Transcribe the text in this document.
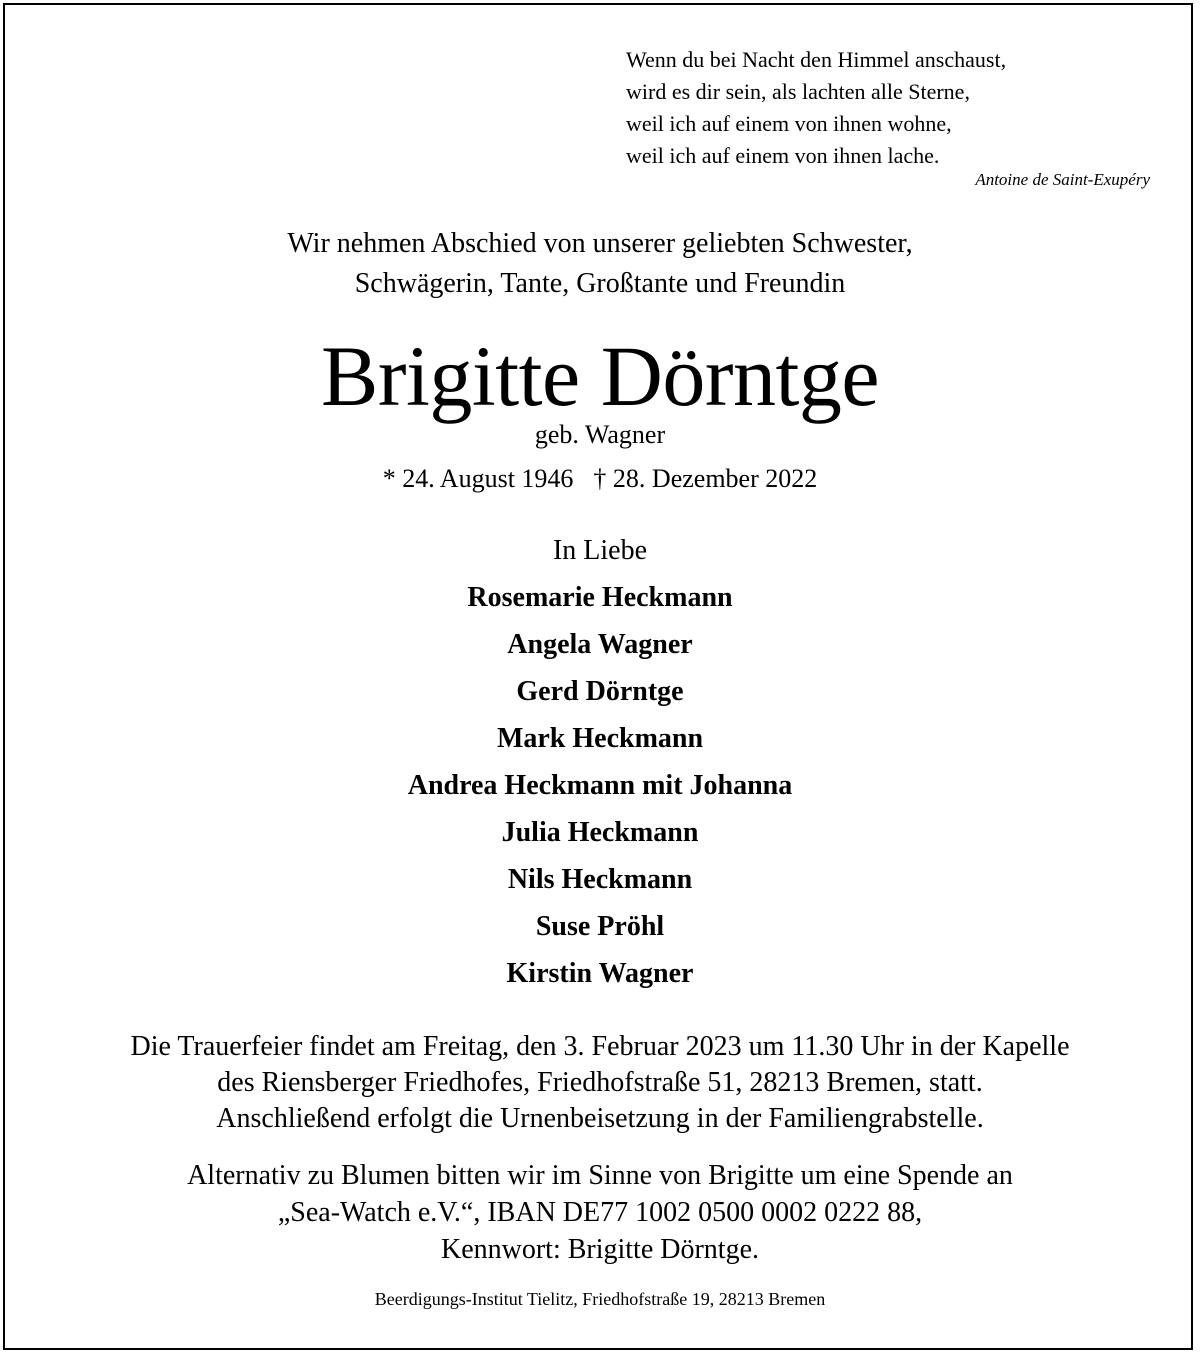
Wenn du bei Nacht den Himmel anschaust,
wird es dir sein, als lachten alle Sterne,
weil ich auf einem von ihnen wohne,
weil ich auf einem von ihnen lache.
Antoine de Saint-Exupéry
Wir nehmen Abschied von unserer geliebten Schwester,
Schwägerin, Tante, Großtante und Freundin
Brigitte Dörntge
geb. Wagner
* 24. August 1946 † 28. Dezember 2022
In Liebe
Rosemarie Heckmann
Angela Wagner
Gerd Dörntge
Mark Heckmann
Andrea Heckmann mit Johanna
Julia Heckmann
Nils Heckmann
Suse Pröhl
Kirstin Wagner
Die Trauerfeier findet am Freitag, den 3. Februar 2023 um 11.30 Uhr in der Kapelle
des Riensberger Friedhofes, Friedhofstraße 51, 28213 Bremen, statt.
Anschließend erfolgt die Urnenbeisetzung in der Familiengrabstelle.
Alternativ zu Blumen bitten wir im Sinne von Brigitte um eine Spende an
„Sea-Watch e.V.“, IBAN DE77 1002 0500 0002 0222 88,
Kennwort: Brigitte Dörntge.
Beerdigungs-Institut Tielitz, Friedhofstraße 19, 28213 Bremen
